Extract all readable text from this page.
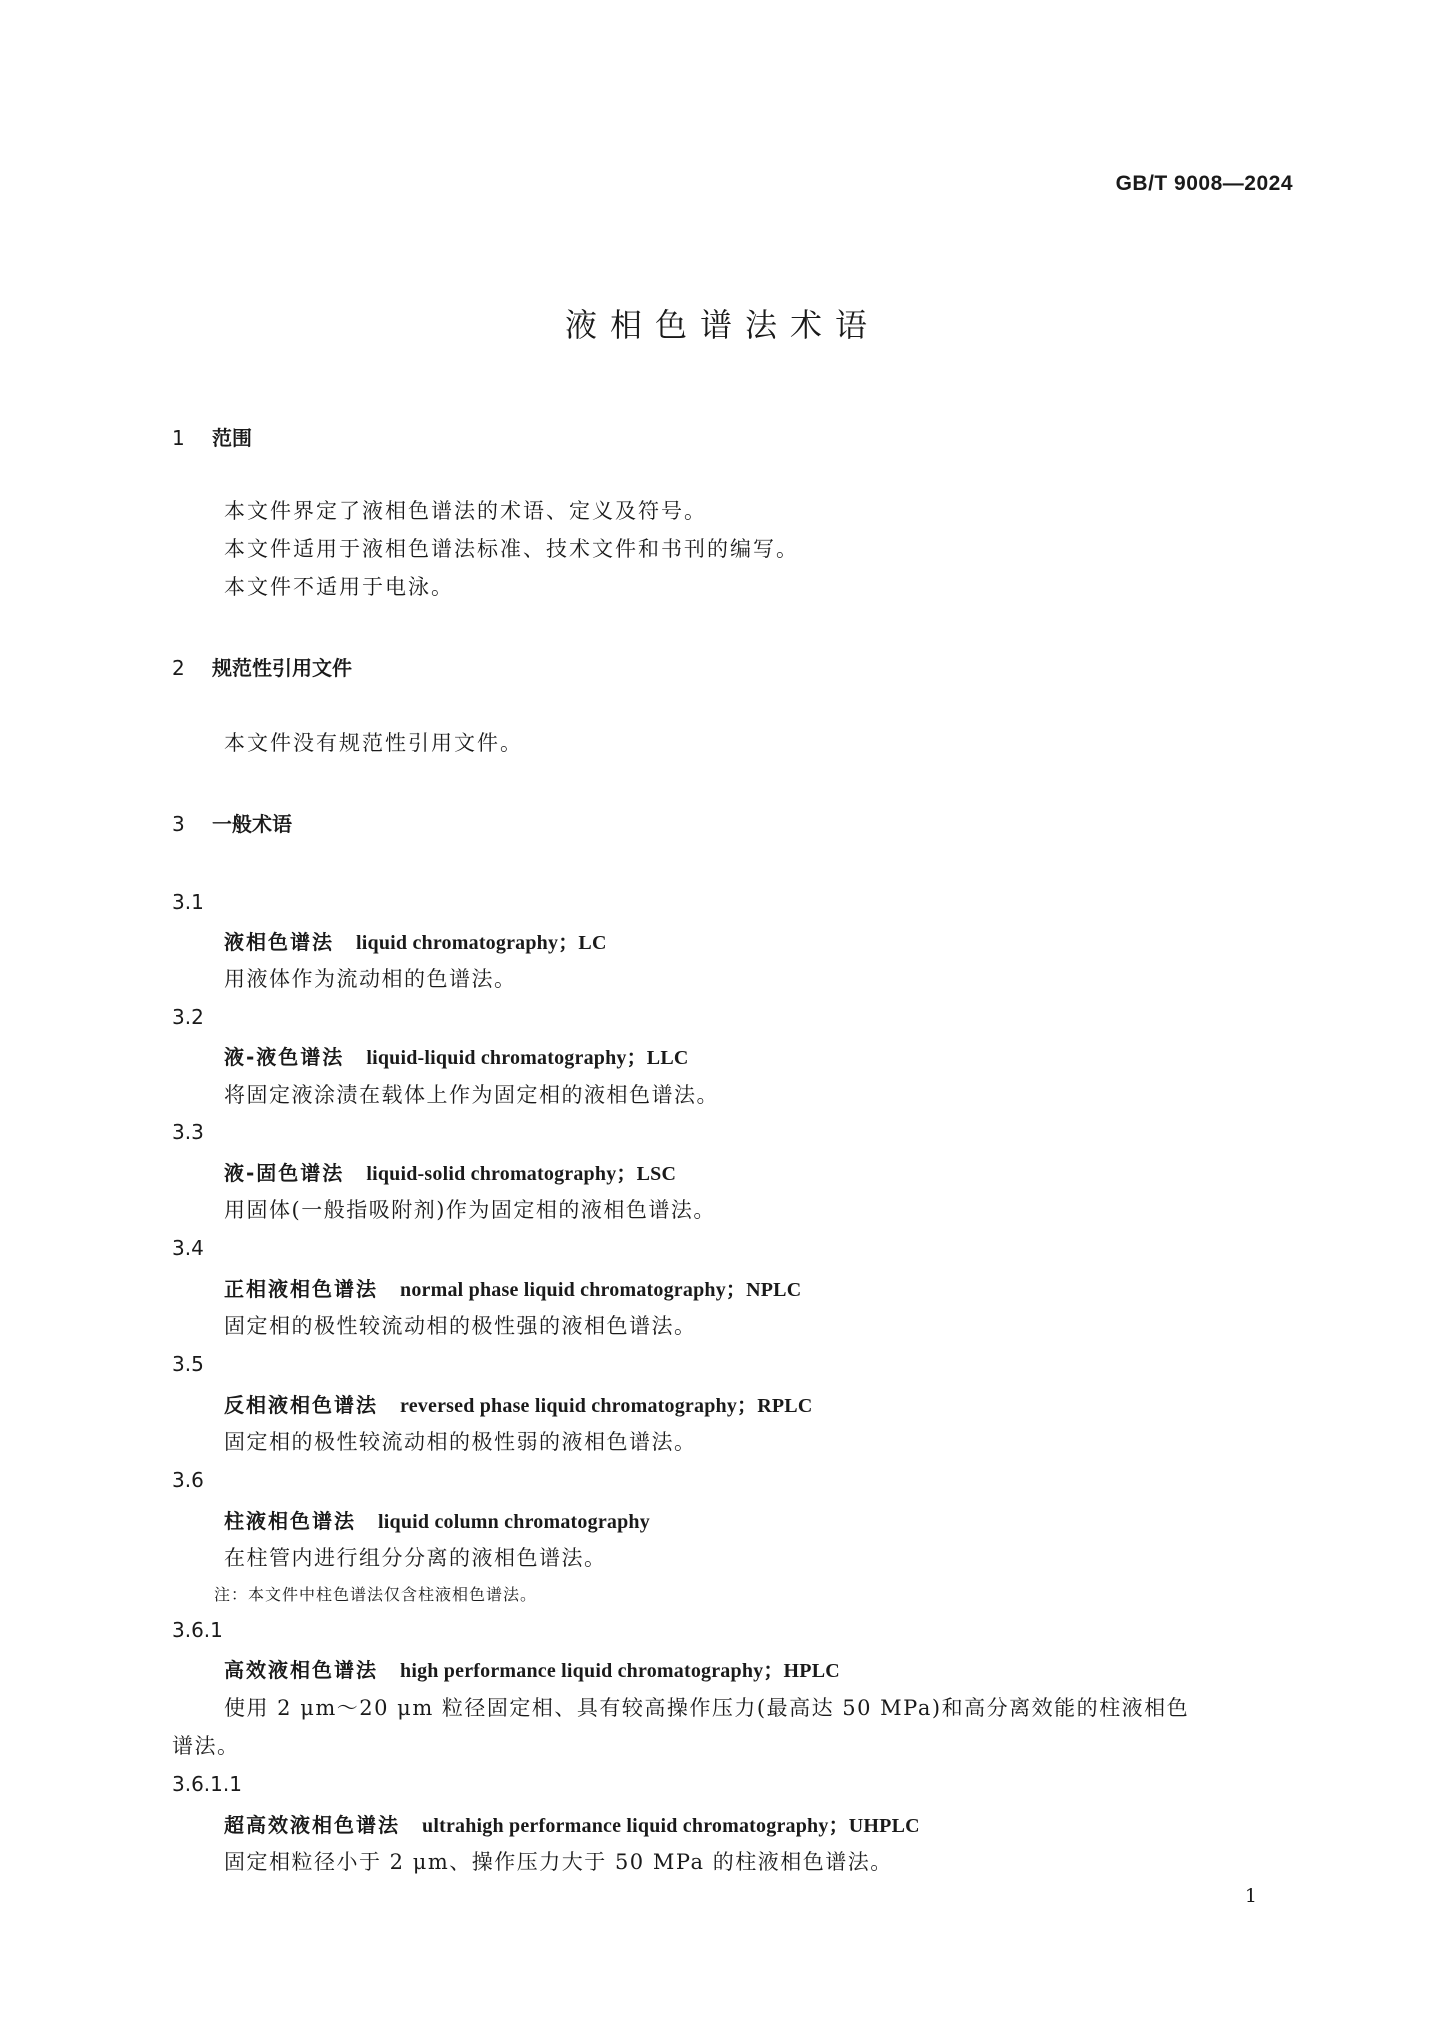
GB/T 9008—2024
液相色谱法术语
1 范围
本文件界定了液相色谱法的术语、定义及符号。
本文件适用于液相色谱法标准、技术文件和书刊的编写。
本文件不适用于电泳。
2 规范性引用文件
本文件没有规范性引用文件。
3 一般术语
3.1
液相色谱法 liquid chromatography；LC
用液体作为流动相的色谱法。
3.2
液-液色谱法 liquid-liquid chromatography；LLC
将固定液涂渍在载体上作为固定相的液相色谱法。
3.3
液-固色谱法 liquid-solid chromatography；LSC
用固体(一般指吸附剂)作为固定相的液相色谱法。
3.4
正相液相色谱法 normal phase liquid chromatography；NPLC
固定相的极性较流动相的极性强的液相色谱法。
3.5
反相液相色谱法 reversed phase liquid chromatography；RPLC
固定相的极性较流动相的极性弱的液相色谱法。
3.6
柱液相色谱法 liquid column chromatography
在柱管内进行组分分离的液相色谱法。
注：本文件中柱色谱法仅含柱液相色谱法。
3.6.1
高效液相色谱法 high performance liquid chromatography；HPLC
使用 2 μm～20 μm 粒径固定相、具有较高操作压力(最高达 50 MPa)和高分离效能的柱液相色
谱法。
3.6.1.1
超高效液相色谱法 ultrahigh performance liquid chromatography；UHPLC
固定相粒径小于 2 μm、操作压力大于 50 MPa 的柱液相色谱法。
1
